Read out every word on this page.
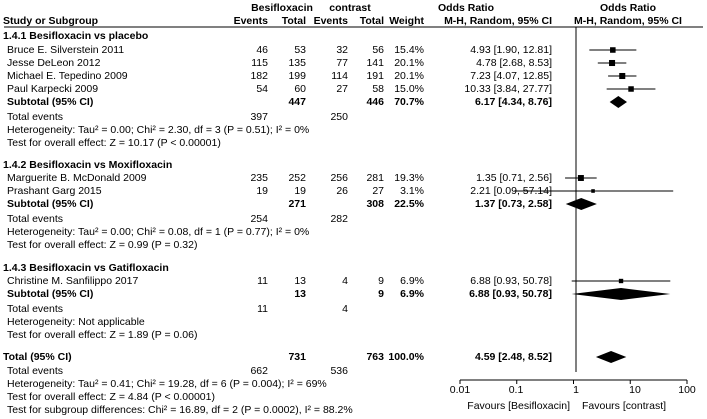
Besifloxacin	contrast	Odds Ratio	Odds Ratio
Study or Subgroup	Events	Total Events	Total Weight	M-H, Random, 95% CI	M-H, Random, 95% CI
1.4.1 Besifloxacin vs placebo
Bruce E. Silverstein 2011	46	53	32	56 15.4%	4.93 [1.90, 12.81]
Jesse DeLeon 2012	115	135	77	141 20.1%	4.78 [2.68, 8.53]
Michael E. Tepedino 2009	182	199	114	191 20.1%	7.23 [4.07, 12.85]
Paul Karpecki 2009	54	60	27	58 15.0%	10.33 [3.84, 27.77]
Subtotal (95% CI)	447	446 70.7%	6.17 [4.34, 8.76]
Total events	397	250
Heterogeneity: Tau² = 0.00; Chi² = 2.30, df = 3 (P = 0.51); I² = 0%
Test for overall effect: Z = 10.17 (P < 0.00001)
1.4.2 Besifloxacin vs Moxifloxacin
Marguerite B. McDonald 2009	235	252	256	281 19.3%	1.35 [0.71, 2.56]
Prashant Garg 2015	19	19	26	27	3.1%	2.21 [0.09, 57.14]
Subtotal (95% CI)	271	308 22.5%	1.37 [0.73, 2.58]
Total events	254	282
Heterogeneity: Tau² = 0.00; Chi² = 0.08, df = 1 (P = 0.77); I² = 0%
Test for overall effect: Z = 0.99 (P = 0.32)
1.4.3 Besifloxacin vs Gatifloxacin
Christine M. Sanfilippo 2017	11	13	4	9	6.9%	6.88 [0.93, 50.78]
Subtotal (95% CI)	13	9	6.9%	6.88 [0.93, 50.78]
Total events	11	4
Heterogeneity: Not applicable
Test for overall effect: Z = 1.89 (P = 0.06)
Total (95% CI)	731	763 100.0%	4.59 [2.48, 8.52]
Total events	662	536
Heterogeneity: Tau² = 0.41; Chi² = 19.28, df = 6 (P = 0.004); I² = 69%
Test for overall effect: Z = 4.84 (P < 0.00001)
Test for subgroup differences: Chi² = 16.89, df = 2 (P = 0.0002), I² = 88.2%
0.01	0.1	1	10	100
Favours [Besifloxacin] Favours [contrast]
